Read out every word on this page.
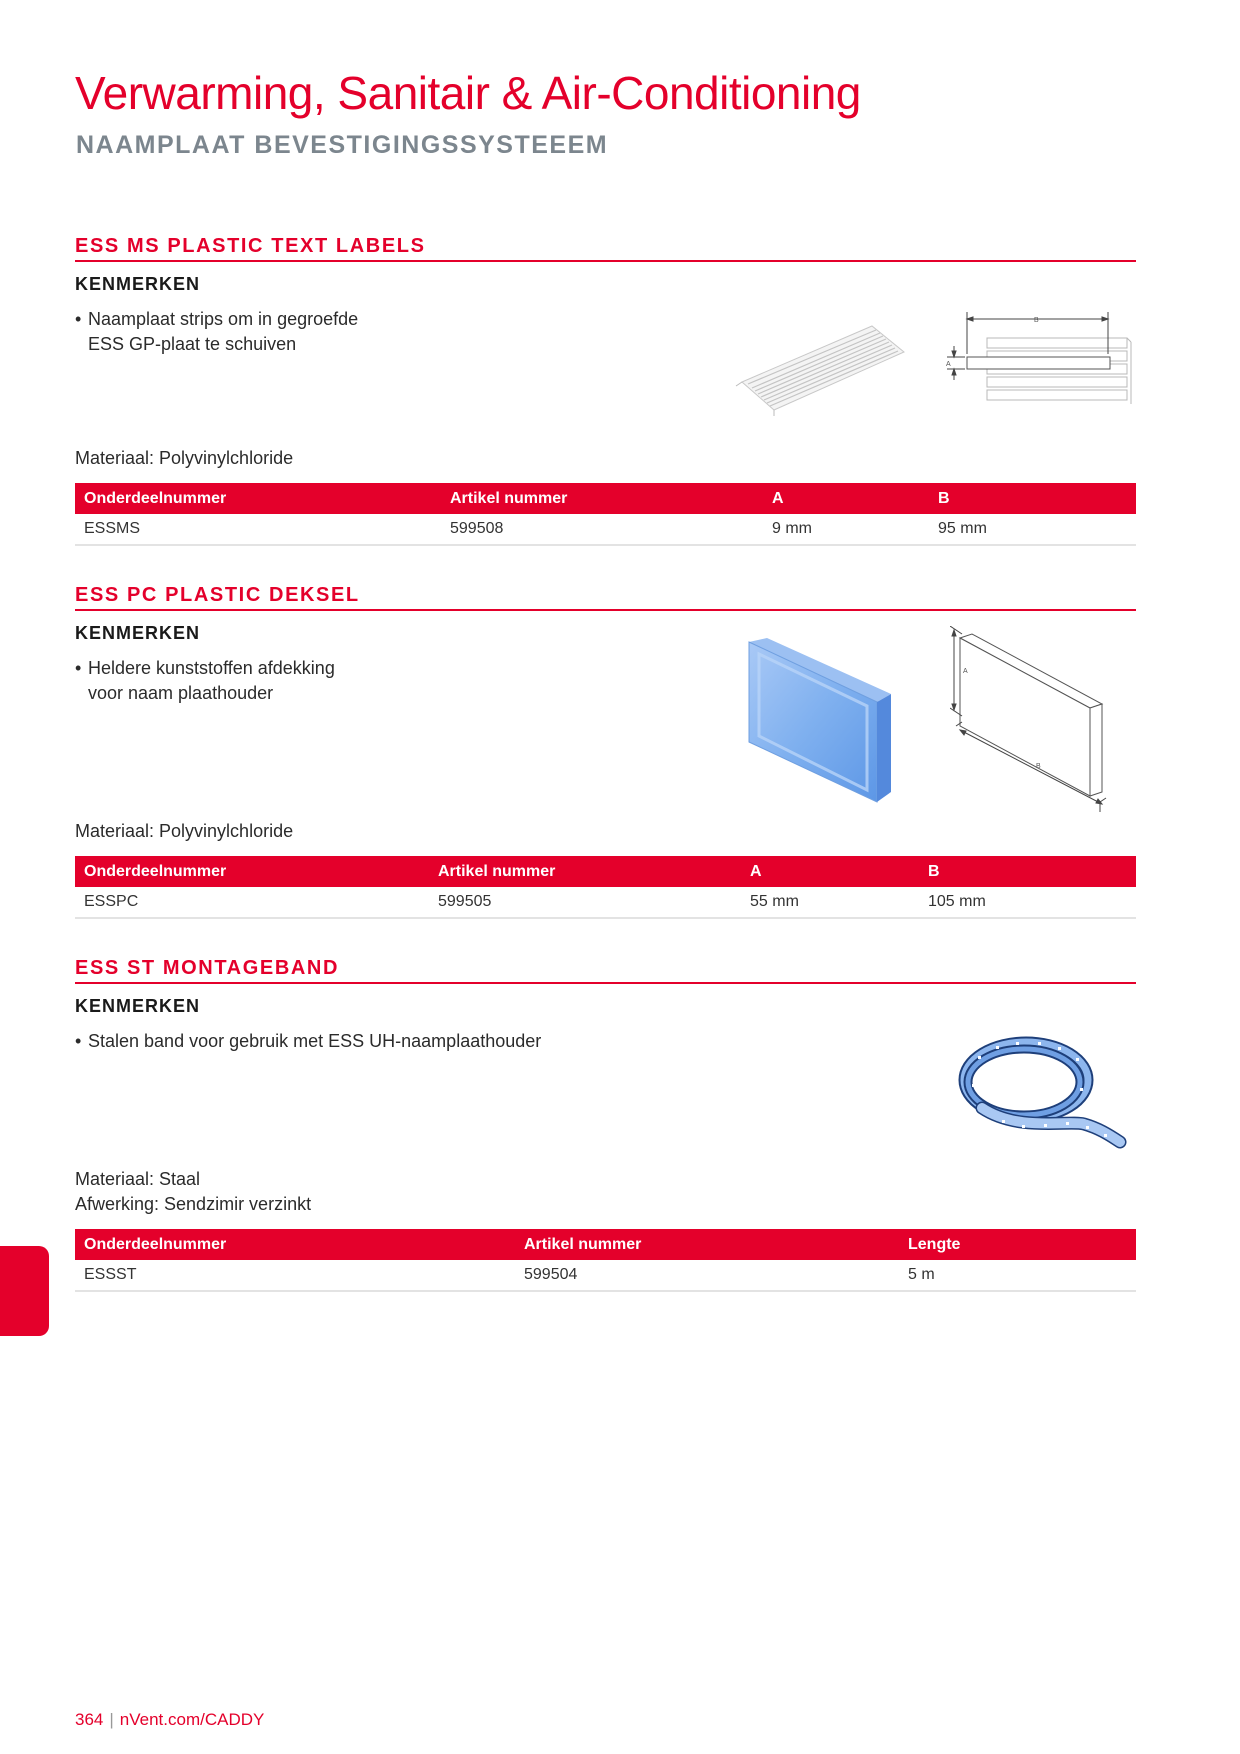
Verwarming, Sanitair & Air-Conditioning
NAAMPLAAT BEVESTIGINGSSYSTEEEM
ESS MS PLASTIC TEXT LABELS
KENMERKEN
• Naamplaat strips om in gegroefde
ESS GP-plaat te schuiven
Materiaal: Polyvinylchloride
Onderdeelnummer	Artikel nummer	A	B
ESSMS	599508	9 mm	95 mm
B
A
ESS PC PLASTIC DEKSEL
KENMERKEN
• Heldere kunststoffen afdekking
voor naam plaathouder
Materiaal: Polyvinylchloride
Onderdeelnummer	Artikel nummer	A	B
ESSPC	599505	55 mm	105 mm
A
B
ESS ST MONTAGEBAND
KENMERKEN
• Stalen band voor gebruik met ESS UH-naamplaathouder
Materiaal: Staal
Afwerking: Sendzimir verzinkt
Onderdeelnummer	Artikel nummer	Lengte
ESSST	599504	5 m
364 | nVent.com/CADDY
